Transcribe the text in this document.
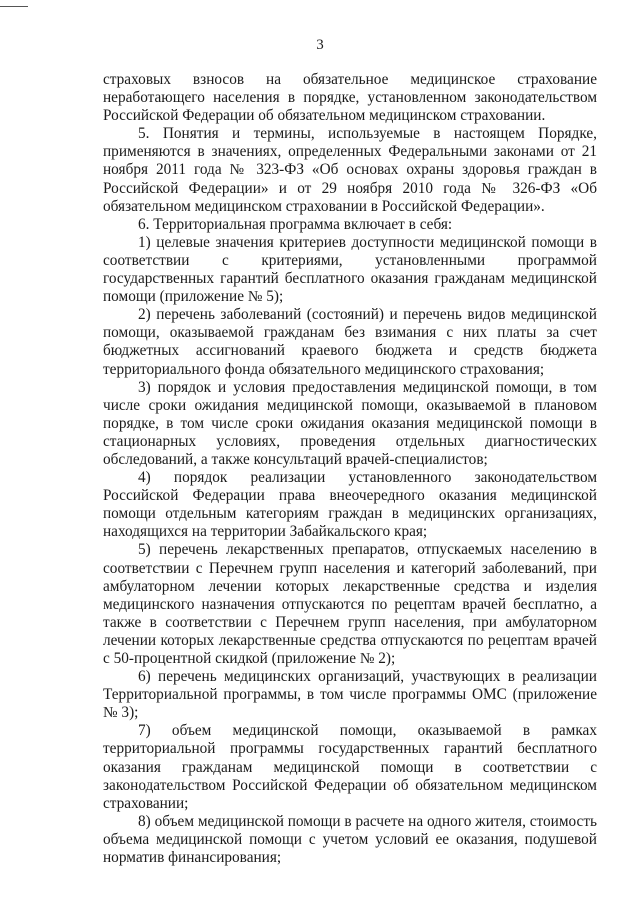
3

страховых взносов на обязательное медицинское страхование неработающего населения в порядке, установленном законодательством Российской Федерации об обязательном медицинском страховании.

5. Понятия и термины, используемые в настоящем Порядке, применяются в значениях, определенных Федеральными законами от 21 ноября 2011 года № 323-ФЗ «Об основах охраны здоровья граждан в Российской Федерации» и от 29 ноября 2010 года № 326-ФЗ «Об обязательном медицинском страховании в Российской Федерации».

6. Территориальная программа включает в себя:

1) целевые значения критериев доступности медицинской помощи в соответствии с критериями, установленными программой государственных гарантий бесплатного оказания гражданам медицинской помощи (приложение № 5);

2) перечень заболеваний (состояний) и перечень видов медицинской помощи, оказываемой гражданам без взимания с них платы за счет бюджетных ассигнований краевого бюджета и средств бюджета территориального фонда обязательного медицинского страхования;

3) порядок и условия предоставления медицинской помощи, в том числе сроки ожидания медицинской помощи, оказываемой в плановом порядке, в том числе сроки ожидания оказания медицинской помощи в стационарных условиях, проведения отдельных диагностических обследований, а также консультаций врачей-специалистов;

4) порядок реализации установленного законодательством Российской Федерации права внеочередного оказания медицинской помощи отдельным категориям граждан в медицинских организациях, находящихся на территории Забайкальского края;

5) перечень лекарственных препаратов, отпускаемых населению в соответствии с Перечнем групп населения и категорий заболеваний, при амбулаторном лечении которых лекарственные средства и изделия медицинского назначения отпускаются по рецептам врачей бесплатно, а также в соответствии с Перечнем групп населения, при амбулаторном лечении которых лекарственные средства отпускаются по рецептам врачей с 50-процентной скидкой (приложение № 2);

6) перечень медицинских организаций, участвующих в реализации Территориальной программы, в том числе программы ОМС (приложение № 3);

7) объем медицинской помощи, оказываемой в рамках территориальной программы государственных гарантий бесплатного оказания гражданам медицинской помощи в соответствии с законодательством Российской Федерации об обязательном медицинском страховании;

8) объем медицинской помощи в расчете на одного жителя, стоимость объема медицинской помощи с учетом условий ее оказания, подушевой норматив финансирования;
